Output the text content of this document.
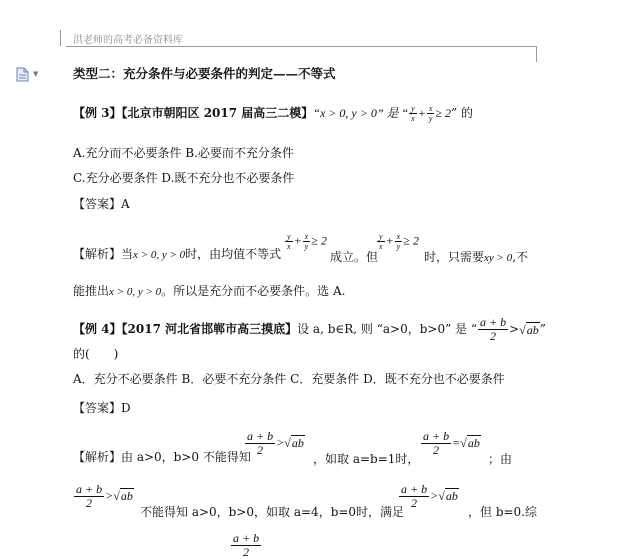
洪老师的高考必备资料库
▼	类型二：充分条件与必要条件的判定——不等式
【例 3】【北京市朝阳区 2017 届高三二模】“x > 0, y > 0” 是 “ $\frac{y}{x} + \frac{x}{y} \ge 2$” 的
A.充分而不必要条件 B.必要而不充分条件
C.充分必要条件 D.既不充分也不必要条件
【答案】A
【解析】当x > 0, y > 0时，由均值不等式
$\frac{y}{x} + \frac{x}{y} \ge 2$
成立。但
$\frac{y}{x} + \frac{x}{y} \ge 2$
时，只需要xy > 0,不
能推出x > 0, y > 0。所以是充分而不必要条件。选 A.
【例 4】【2017 河北省邯郸市高三摸底】设 a, b∈R, 则 “a>0，b>0” 是 “ $\frac{a + b}{2} >√ab$”
的(　　)
A．充分不必要条件 B．必要不充分条件 C．充要条件 D．既不充分也不必要条件
【答案】D
【解析】由 a>0，b>0 不能得知
$\frac{a + b}{2} >√ab$
，如取 a=b=1时，
$\frac{a + b}{2} =√ab$
；由
$\frac{a + b}{2} >√ab$
不能得知 a>0，b>0，如取 a=4，b=0时，满足
$\frac{a + b}{2} >√ab$
，但 b=0.综
$\frac{a + b}{2}$
